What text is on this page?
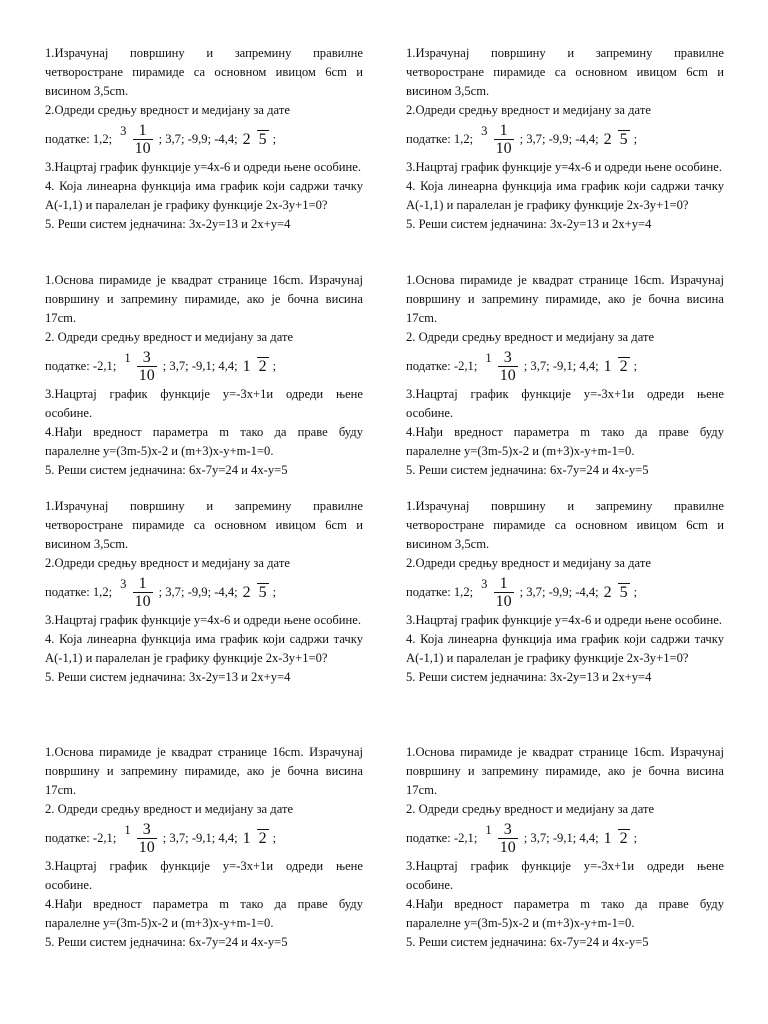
1.Израчунај површину и запремину правилне четворостране пирамиде са основном ивицом 6cm и висином 3,5cm.

2.Одреди средњу вредност и медијану за дате

податке: 1,2;
$3 \frac{1}{10}$ ; 3,7; -9,9; -4,4; 2 5 ;

3.Нацртај график функције y=4x-6 и одреди њене особине.

4. Која линеарна функција има график који садржи тачку A(-1,1) и паралелан је графику функције 2x-3y+1=0?

5. Реши систем једначина: 3x-2y=13 и 2x+y=4

1.Основа пирамиде је квадрат странице 16cm. Израчунај површину и запремину пирамиде, ако је бочна висина 17cm.

2. Одреди средњу вредност и медијану за дате

податке: -2,1;
$1 \frac{3}{10}$ ; 3,7; -9,1; 4,4; 1 2 ;

3.Нацртај график функције y=-3x+1и одреди њене особине.

4.Нађи вредност параметра m тако да праве буду паралелне y=(3m-5)x-2 и (m+3)x-y+m-1=0.

5. Реши систем једначина: 6x-7y=24 и 4x-y=5

1.Израчунај површину и запремину правилне четворостране пирамиде са основном ивицом 6cm и висином 3,5cm.

2.Одреди средњу вредност и медијану за дате

податке: 1,2;
$3 \frac{1}{10}$ ; 3,7; -9,9; -4,4; 2 5 ;

3.Нацртај график функције y=4x-6 и одреди њене особине.

4. Која линеарна функција има график који садржи тачку A(-1,1) и паралелан је графику функције 2x-3y+1=0?

5. Реши систем једначина: 3x-2y=13 и 2x+y=4

1.Основа пирамиде је квадрат странице 16cm. Израчунај површину и запремину пирамиде, ако је бочна висина 17cm.

2. Одреди средњу вредност и медијану за дате

податке: -2,1;
$1 \frac{3}{10}$ ; 3,7; -9,1; 4,4; 1 2 ;

3.Нацртај график функције y=-3x+1и одреди њене особине.

4.Нађи вредност параметра m тако да праве буду паралелне y=(3m-5)x-2 и (m+3)x-y+m-1=0.

5. Реши систем једначина: 6x-7y=24 и 4x-y=5

1.Израчунај површину и запремину правилне четворостране пирамиде са основном ивицом 6cm и висином 3,5cm.

2.Одреди средњу вредност и медијану за дате

податке: 1,2;
$3 \frac{1}{10}$ ; 3,7; -9,9; -4,4; 2 5 ;

3.Нацртај график функције y=4x-6 и одреди њене особине.

4. Која линеарна функција има график који садржи тачку A(-1,1) и паралелан је графику функције 2x-3y+1=0?

5. Реши систем једначина: 3x-2y=13 и 2x+y=4

1.Основа пирамиде је квадрат странице 16cm. Израчунај површину и запремину пирамиде, ако је бочна висина 17cm.

2. Одреди средњу вредност и медијану за дате

податке: -2,1;
$1 \frac{3}{10}$ ; 3,7; -9,1; 4,4; 1 2 ;

3.Нацртај график функције y=-3x+1и одреди њене особине.

4.Нађи вредност параметра m тако да праве буду паралелне y=(3m-5)x-2 и (m+3)x-y+m-1=0.

5. Реши систем једначина: 6x-7y=24 и 4x-y=5

1.Израчунај површину и запремину правилне четворостране пирамиде са основном ивицом 6cm и висином 3,5cm.

2.Одреди средњу вредност и медијану за дате

податке: 1,2;
$3 \frac{1}{10}$ ; 3,7; -9,9; -4,4; 2 5 ;

3.Нацртај график функције y=4x-6 и одреди њене особине.

4. Која линеарна функција има график који садржи тачку A(-1,1) и паралелан је графику функције 2x-3y+1=0?

5. Реши систем једначина: 3x-2y=13 и 2x+y=4

1.Основа пирамиде је квадрат странице 16cm. Израчунај површину и запремину пирамиде, ако је бочна висина 17cm.

2. Одреди средњу вредност и медијану за дате

податке: -2,1;
$1 \frac{3}{10}$ ; 3,7; -9,1; 4,4; 1 2 ;

3.Нацртај график функције y=-3x+1и одреди њене особине.

4.Нађи вредност параметра m тако да праве буду паралелне y=(3m-5)x-2 и (m+3)x-y+m-1=0.

5. Реши систем једначина: 6x-7y=24 и 4x-y=5
